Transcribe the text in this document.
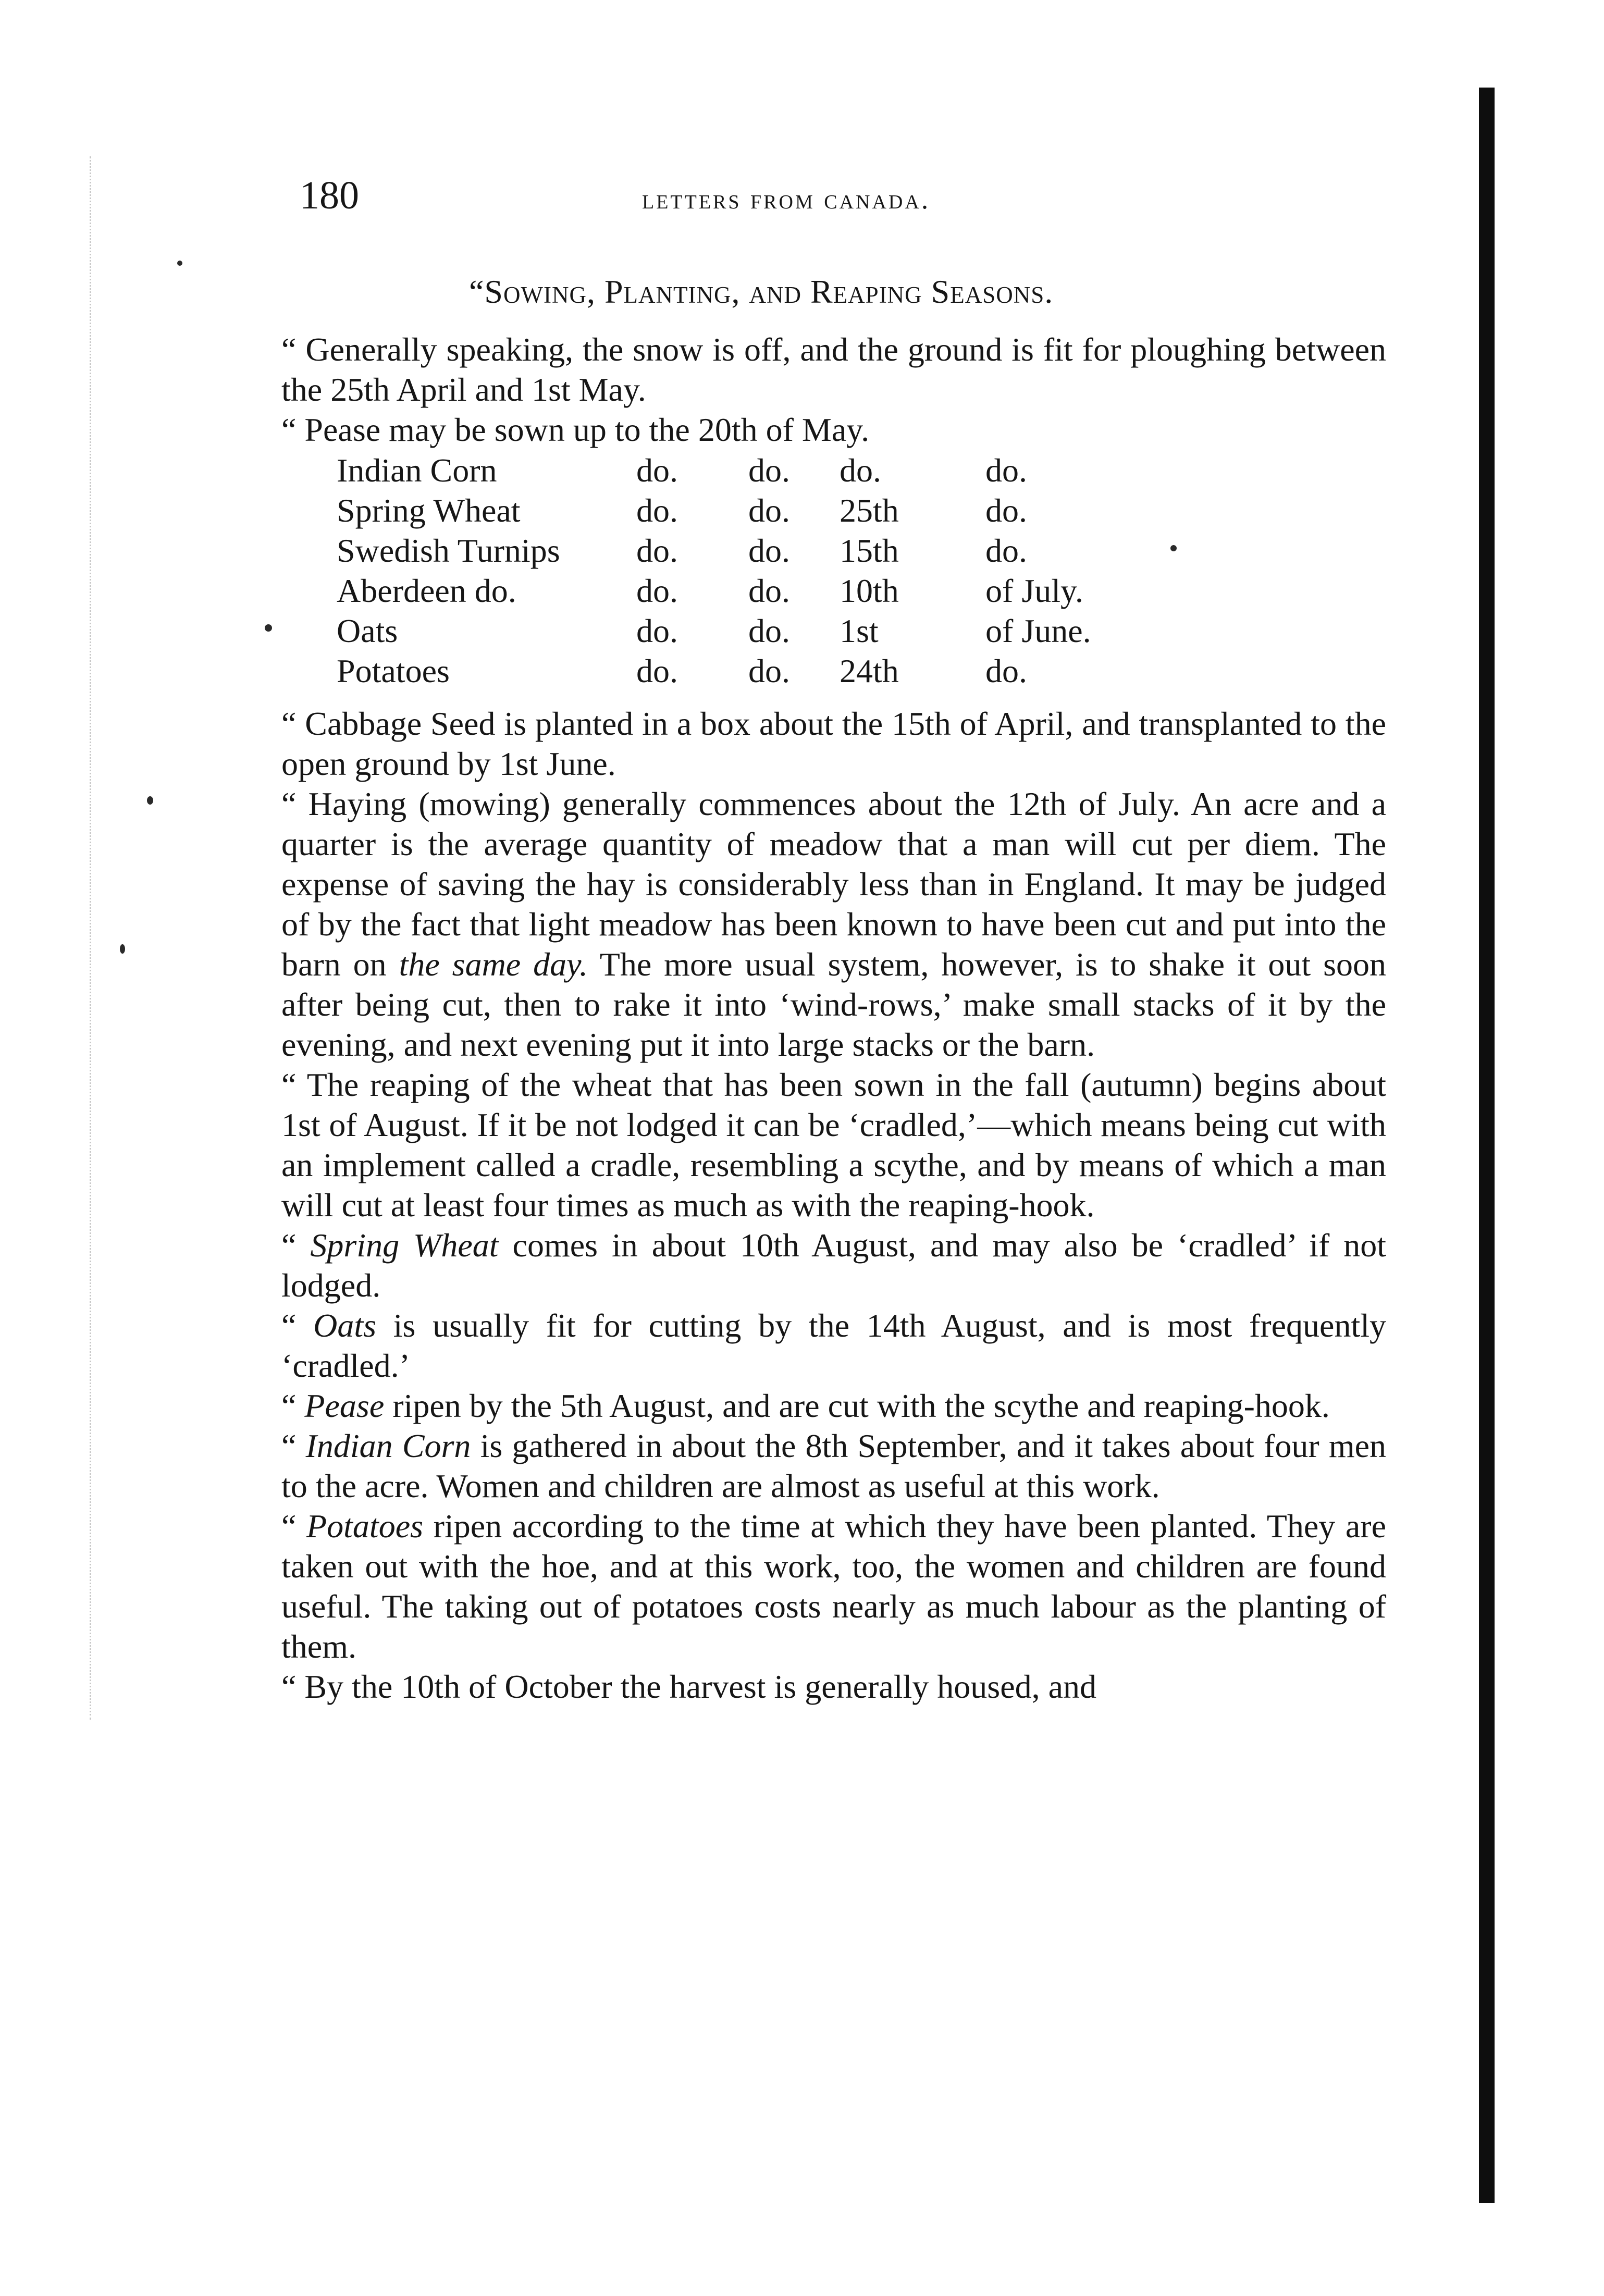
180	letters from canada.
“Sowing, Planting, and Reaping Seasons.

“ Generally speaking, the snow is off, and the ground is fit for ploughing between the 25th April and 1st May.

“ Pease may be sown up to the 20th of May.

Indian Corn	do.	do.	do.	do.
Spring Wheat	do.	do.	25th	do.
Swedish Turnips	do.	do.	15th	do.
Aberdeen do.	do.	do.	10th	of July.
Oats	do.	do.	1st	of June.
Potatoes	do.	do.	24th	do.

“ Cabbage Seed is planted in a box about the 15th of April, and transplanted to the open ground by 1st June.

“ Haying (mowing) generally commences about the 12th of July. An acre and a quarter is the average quantity of meadow that a man will cut per diem. The expense of saving the hay is considerably less than in England. It may be judged of by the fact that light meadow has been known to have been cut and put into the barn on the same day. The more usual system, however, is to shake it out soon after being cut, then to rake it into ‘wind-rows,’ make small stacks of it by the evening, and next evening put it into large stacks or the barn.

“ The reaping of the wheat that has been sown in the fall (autumn) begins about 1st of August. If it be not lodged it can be ‘cradled,’—which means being cut with an implement called a cradle, resembling a scythe, and by means of which a man will cut at least four times as much as with the reaping-hook.

“ Spring Wheat comes in about 10th August, and may also be ‘cradled’ if not lodged.

“ Oats is usually fit for cutting by the 14th August, and is most frequently ‘cradled.’

“ Pease ripen by the 5th August, and are cut with the scythe and reaping-hook.

“ Indian Corn is gathered in about the 8th September, and it takes about four men to the acre. Women and children are almost as useful at this work.

“ Potatoes ripen according to the time at which they have been planted. They are taken out with the hoe, and at this work, too, the women and children are found useful. The taking out of potatoes costs nearly as much labour as the planting of them.

“ By the 10th of October the harvest is generally housed, and
